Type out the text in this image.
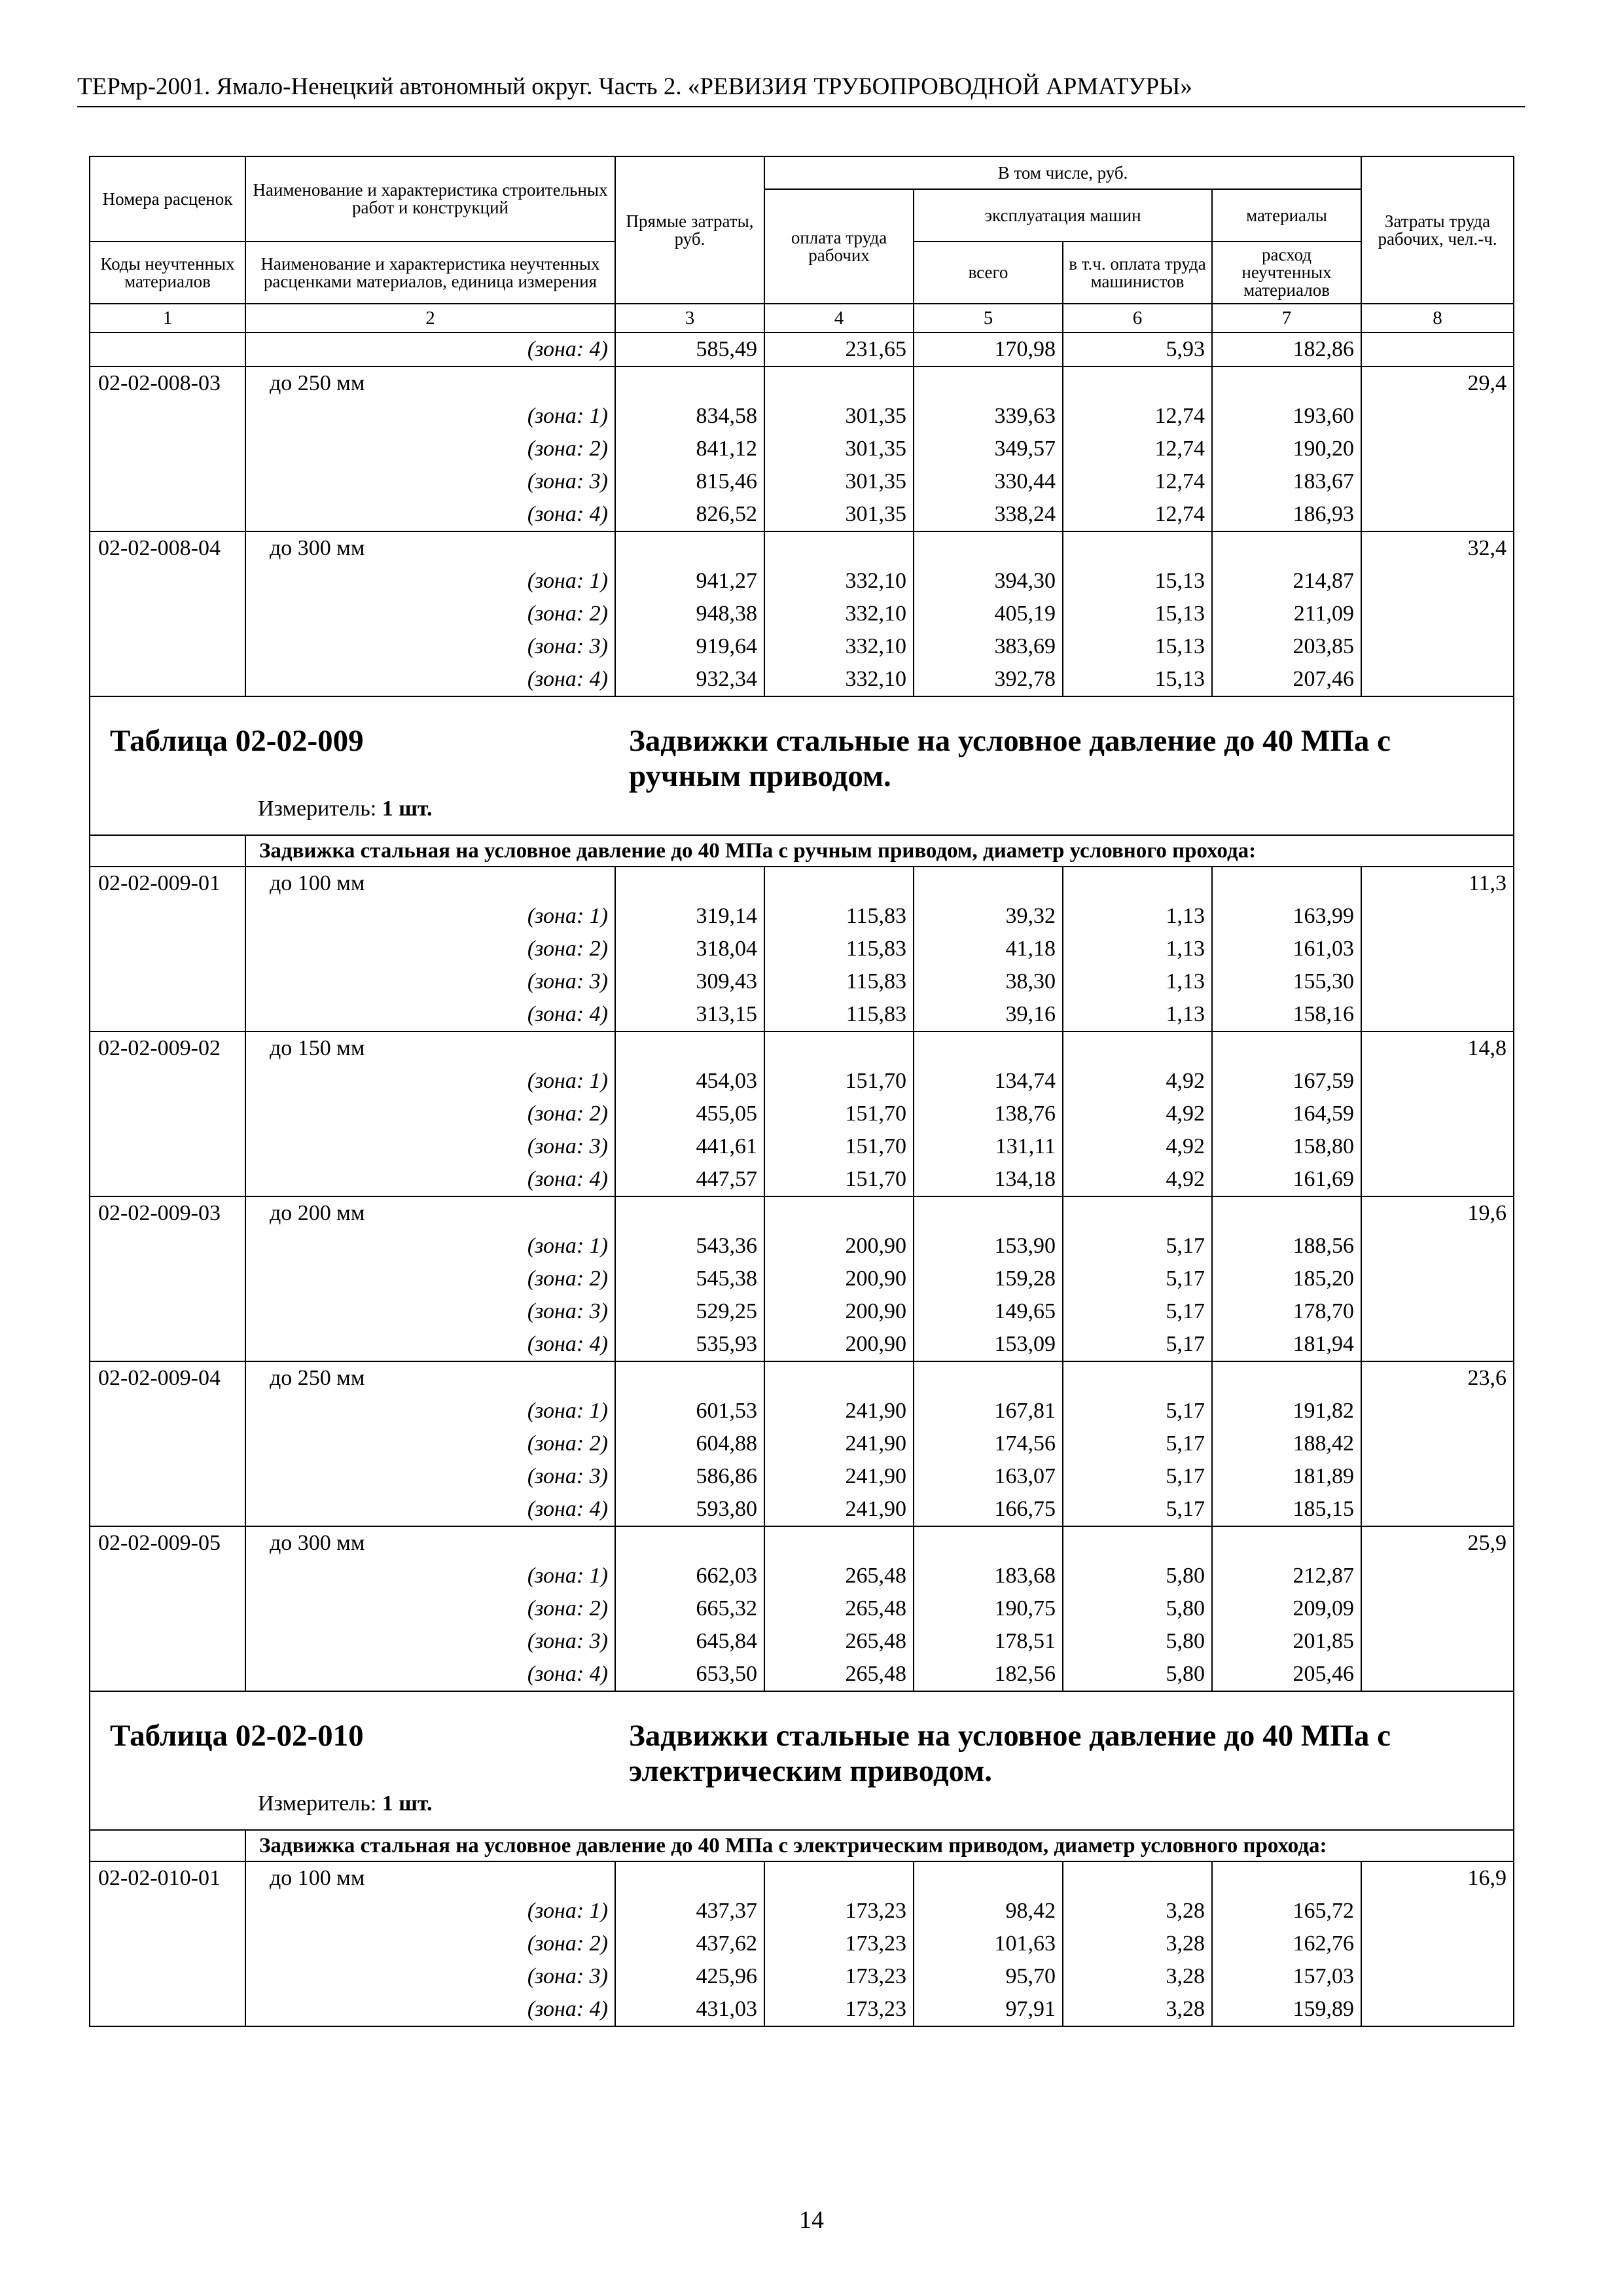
ТЕРмр-2001. Ямало-Ненецкий автономный округ. Часть 2. «РЕВИЗИЯ ТРУБОПРОВОДНОЙ АРМАТУРЫ»
Номера расценок	Наименование и характеристика строительных работ и конструкций	Прямые затраты, руб.	В том числе, руб.				Затраты труда рабочих, чел.-ч.
			оплата труда рабочих	эксплуатация машин		материалы	
Коды неучтенных материалов	Наименование и характеристика неучтенных расценками материалов, единица измерения			всего	в т.ч. оплата труда машинистов	расход неучтенных материалов	

1	2	3	4	5	6	7	8
	(зона: 4)	585,49	231,65	170,98	5,93	182,86	
02-02-008-03	до 250 мм						29,4
	(зона: 1)	834,58	301,35	339,63	12,74	193,60	
	(зона: 2)	841,12	301,35	349,57	12,74	190,20	
	(зона: 3)	815,46	301,35	330,44	12,74	183,67	
	(зона: 4)	826,52	301,35	338,24	12,74	186,93	
02-02-008-04	до 300 мм						32,4
	(зона: 1)	941,27	332,10	394,30	15,13	214,87	
	(зона: 2)	948,38	332,10	405,19	15,13	211,09	
	(зона: 3)	919,64	332,10	383,69	15,13	203,85	
	(зона: 4)	932,34	332,10	392,78	15,13	207,46	

Таблица 02-02-009 Задвижки стальные на условное давление до 40 МПа с ручным приводом.
Измеритель: 1 шт.							

	Задвижка стальная на условное давление до 40 МПа с ручным приводом, диаметр условного прохода:						
02-02-009-01	до 100 мм						11,3
	(зона: 1)	319,14	115,83	39,32	1,13	163,99	
	(зона: 2)	318,04	115,83	41,18	1,13	161,03	
	(зона: 3)	309,43	115,83	38,30	1,13	155,30	
	(зона: 4)	313,15	115,83	39,16	1,13	158,16	
02-02-009-02	до 150 мм						14,8
	(зона: 1)	454,03	151,70	134,74	4,92	167,59	
	(зона: 2)	455,05	151,70	138,76	4,92	164,59	
	(зона: 3)	441,61	151,70	131,11	4,92	158,80	
	(зона: 4)	447,57	151,70	134,18	4,92	161,69	
02-02-009-03	до 200 мм						19,6
	(зона: 1)	543,36	200,90	153,90	5,17	188,56	
	(зона: 2)	545,38	200,90	159,28	5,17	185,20	
	(зона: 3)	529,25	200,90	149,65	5,17	178,70	
	(зона: 4)	535,93	200,90	153,09	5,17	181,94	
02-02-009-04	до 250 мм						23,6
	(зона: 1)	601,53	241,90	167,81	5,17	191,82	
	(зона: 2)	604,88	241,90	174,56	5,17	188,42	
	(зона: 3)	586,86	241,90	163,07	5,17	181,89	
	(зона: 4)	593,80	241,90	166,75	5,17	185,15	
02-02-009-05	до 300 мм						25,9
	(зона: 1)	662,03	265,48	183,68	5,80	212,87	
	(зона: 2)	665,32	265,48	190,75	5,80	209,09	
	(зона: 3)	645,84	265,48	178,51	5,80	201,85	
	(зона: 4)	653,50	265,48	182,56	5,80	205,46	

Таблица 02-02-010 Задвижки стальные на условное давление до 40 МПа с электрическим приводом.
Измеритель: 1 шт.							

	Задвижка стальная на условное давление до 40 МПа с электрическим приводом, диаметр условного прохода:						
02-02-010-01	до 100 мм						16,9
	(зона: 1)	437,37	173,23	98,42	3,28	165,72	
	(зона: 2)	437,62	173,23	101,63	3,28	162,76	
	(зона: 3)	425,96	173,23	95,70	3,28	157,03	
	(зона: 4)	431,03	173,23	97,91	3,28	159,89	
14
